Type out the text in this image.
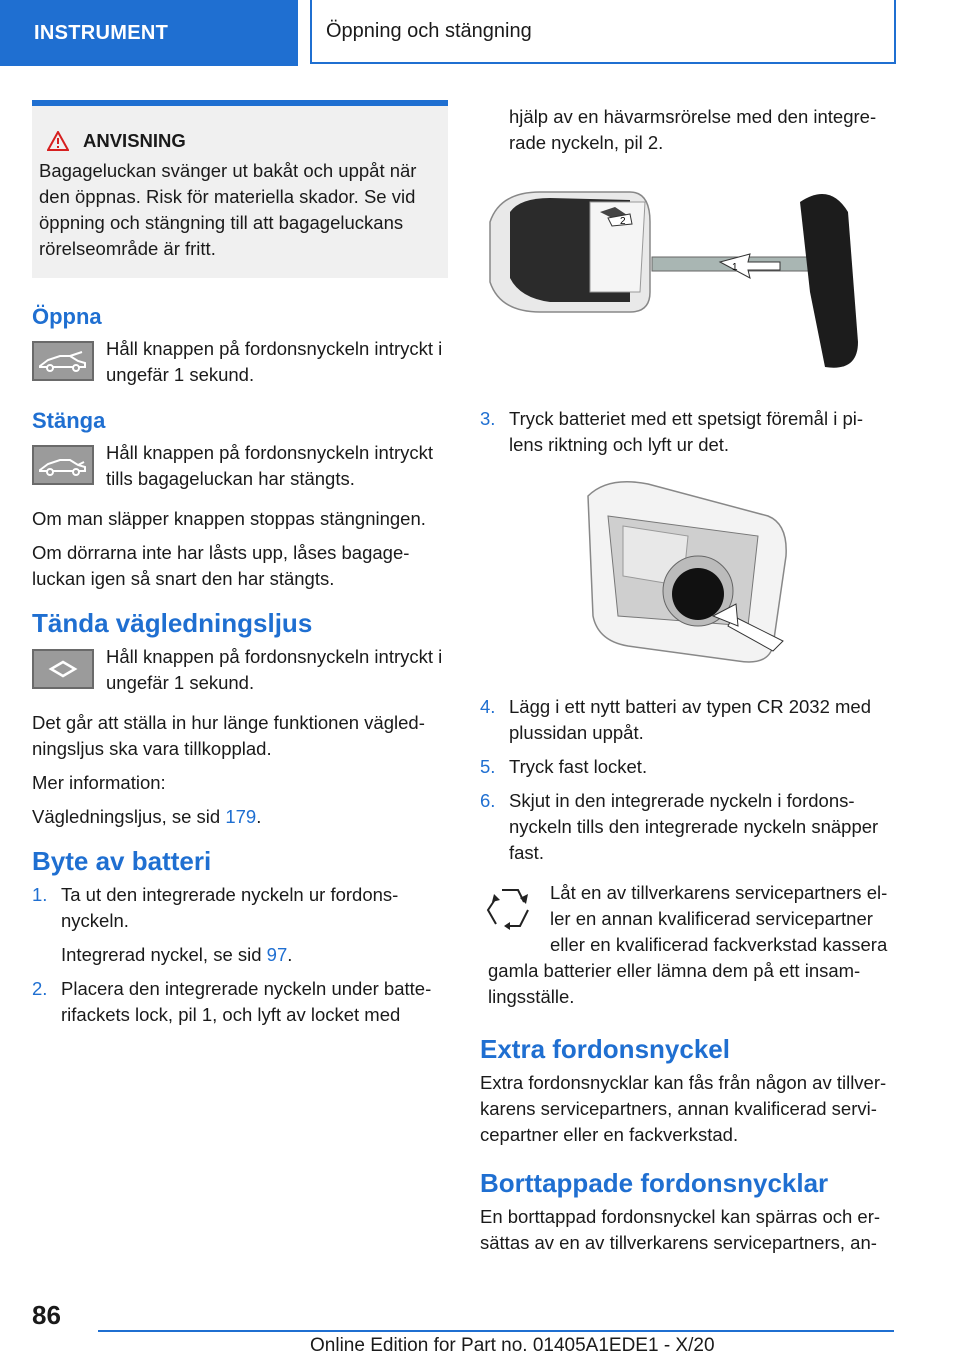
INSTRUMENT	Öppning och stängning
ANVISNING
Bagageluckan svänger ut bakåt och uppåt när den öppnas. Risk för materiella skador. Se vid öppning och stängning till att bagageluckans rörelseområde är fritt.
Öppna
Håll knappen på fordonsnyckeln intryckt i ungefär 1 sekund.
Stänga
Håll knappen på fordonsnyckeln intryckt tills bagageluckan har stängts.

Om man släpper knappen stoppas stängningen.

Om dörrarna inte har låsts upp, låses bagage-luckan igen så snart den har stängts.

Tända vägledningsljus
Håll knappen på fordonsnyckeln intryckt i ungefär 1 sekund.

Det går att ställa in hur länge funktionen vägled-ningsljus ska vara tillkopplad.

Mer information:

Vägledningsljus, se sid 179.

Byte av batteri
1. Ta ut den integrerade nyckeln ur fordons-nyckeln.
Integrerad nyckel, se sid 97.
2. Placera den integrerade nyckeln under batte-rifackets lock, pil 1, och lyft av locket med
hjälp av en hävarmsrörelse med den integre-rade nyckeln, pil 2.
2
1
3. Tryck batteriet med ett spetsigt föremål i pi-lens riktning och lyft ur det.
4. Lägg i ett nytt batteri av typen CR 2032 med plussidan uppåt.
5. Tryck fast locket.
6. Skjut in den integrerade nyckeln i fordons-nyckeln tills den integrerade nyckeln snäpper fast.
Låt en av tillverkarens servicepartners el-ler en annan kvalificerad servicepartner eller en kvalificerad fackverkstad kassera gamla batterier eller lämna dem på ett insam-lingsställe.
Extra fordonsnyckel

Extra fordonsnycklar kan fås från någon av tillver-karens servicepartners, annan kvalificerad servi-cepartner eller en fackverkstad.

Borttappade fordonsnycklar

En borttappad fordonsnyckel kan spärras och er-sättas av en av tillverkarens servicepartners, an-

86
Online Edition for Part no. 01405A1EDE1 - X/20
